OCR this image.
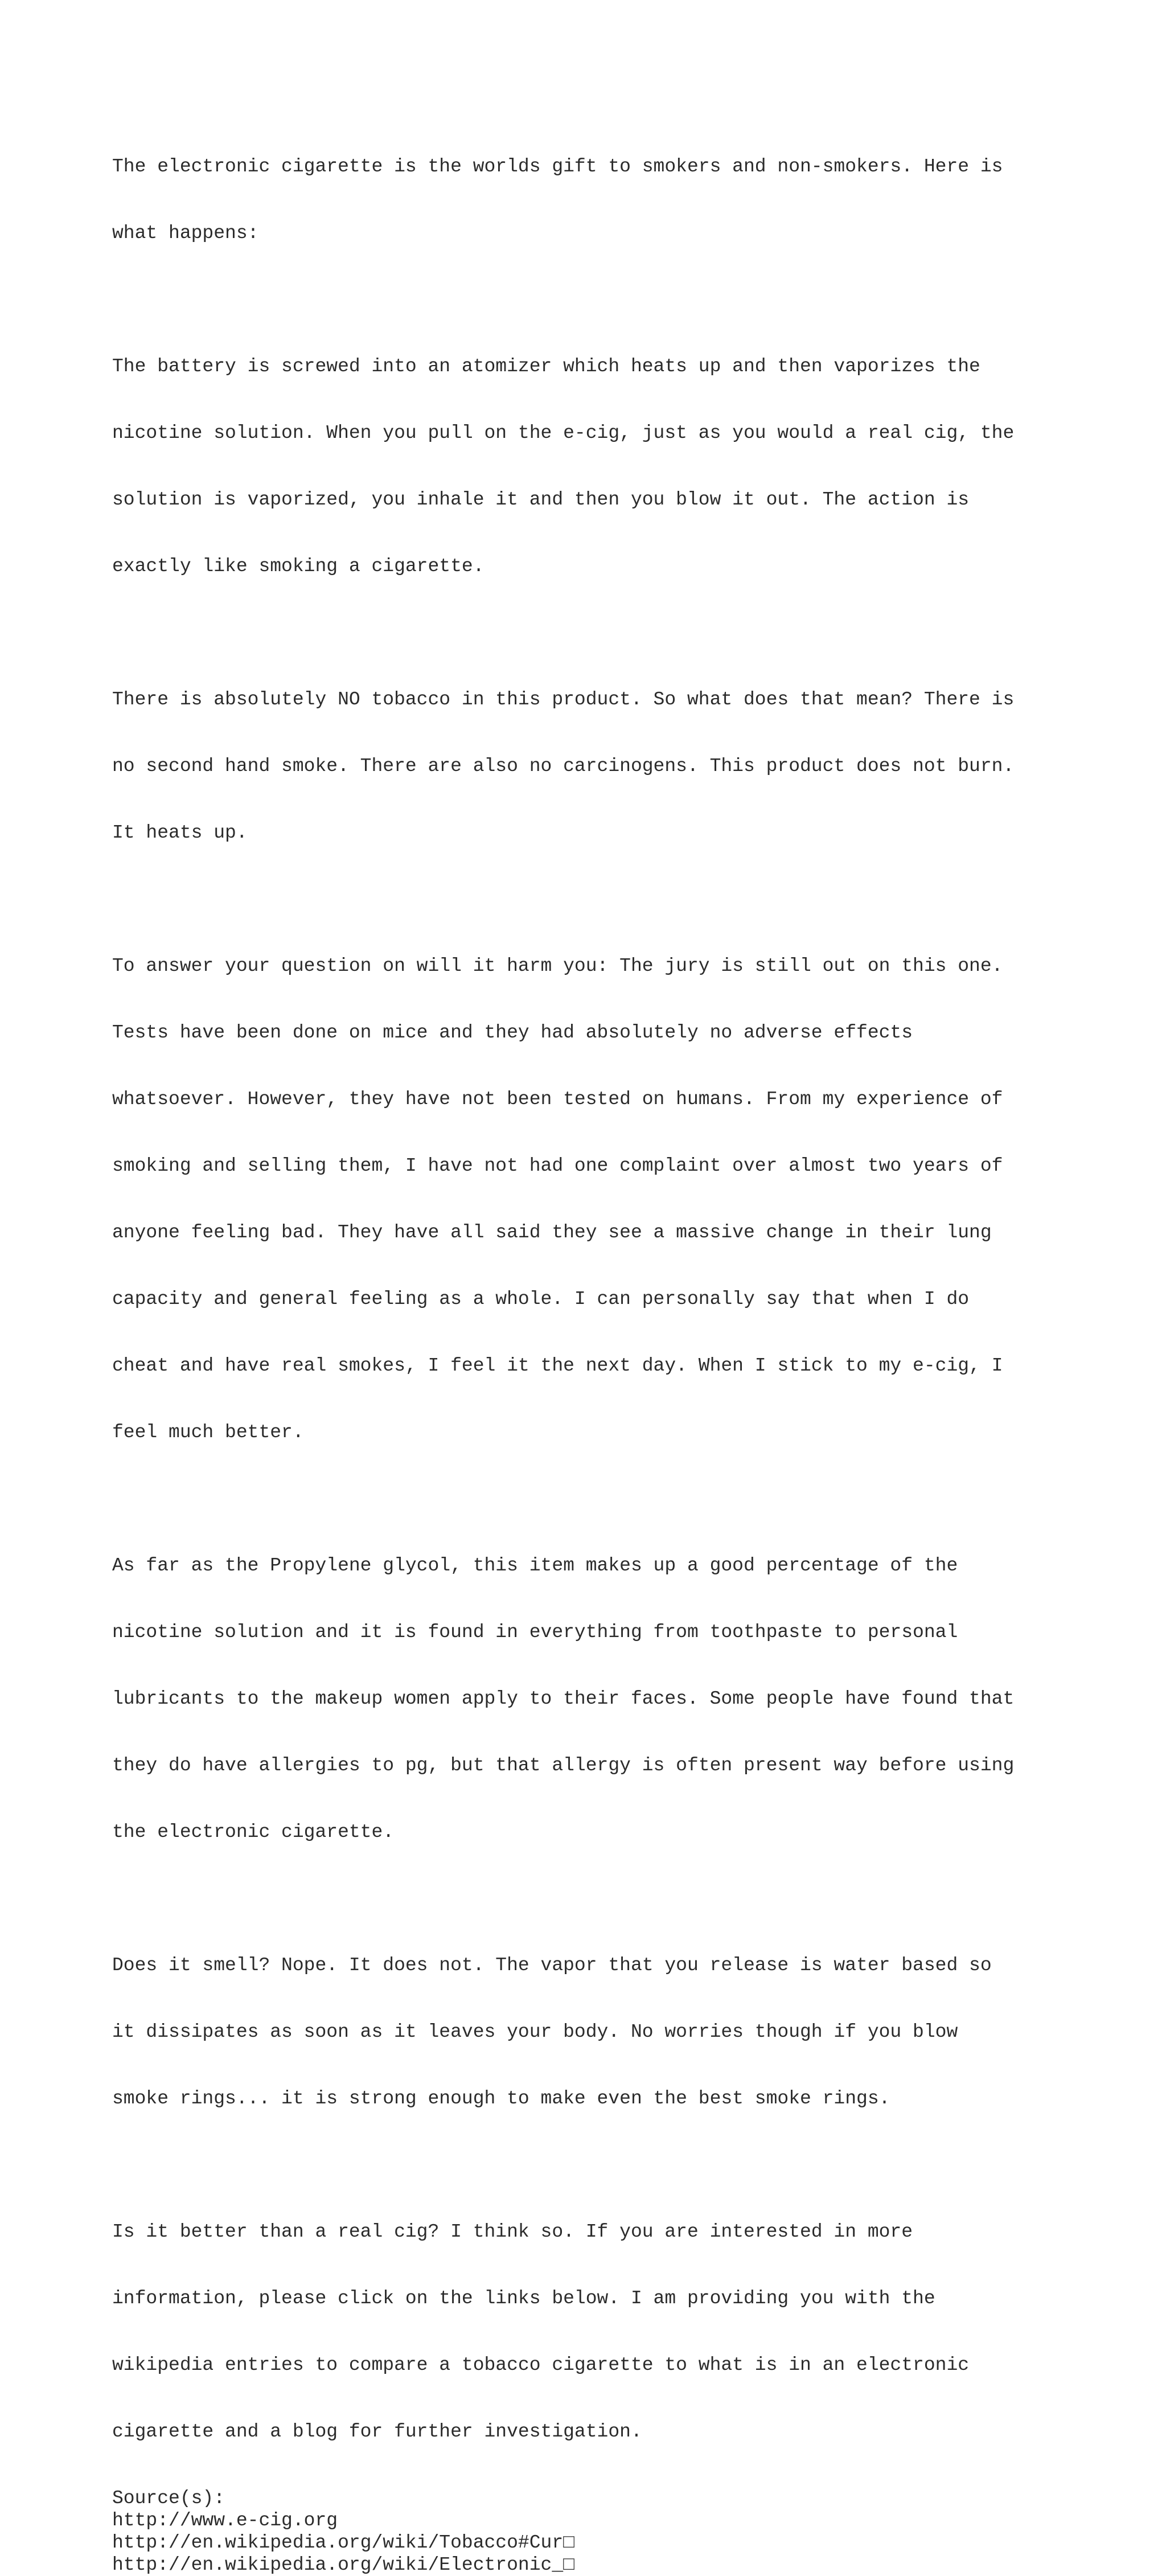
The electronic cigarette is the worlds gift to smokers and non-smokers. Here is

what happens:

The battery is screwed into an atomizer which heats up and then vaporizes the

nicotine solution. When you pull on the e-cig, just as you would a real cig, the

solution is vaporized, you inhale it and then you blow it out. The action is

exactly like smoking a cigarette.

There is absolutely NO tobacco in this product. So what does that mean? There is

no second hand smoke. There are also no carcinogens. This product does not burn.

It heats up.

To answer your question on will it harm you: The jury is still out on this one.

Tests have been done on mice and they had absolutely no adverse effects

whatsoever. However, they have not been tested on humans. From my experience of

smoking and selling them, I have not had one complaint over almost two years of

anyone feeling bad. They have all said they see a massive change in their lung

capacity and general feeling as a whole. I can personally say that when I do

cheat and have real smokes, I feel it the next day. When I stick to my e-cig, I

feel much better.

As far as the Propylene glycol, this item makes up a good percentage of the

nicotine solution and it is found in everything from toothpaste to personal

lubricants to the makeup women apply to their faces. Some people have found that

they do have allergies to pg, but that allergy is often present way before using

the electronic cigarette.

Does it smell? Nope. It does not. The vapor that you release is water based so

it dissipates as soon as it leaves your body. No worries though if you blow

smoke rings... it is strong enough to make even the best smoke rings.

Is it better than a real cig? I think so. If you are interested in more

information, please click on the links below. I am providing you with the

wikipedia entries to compare a tobacco cigarette to what is in an electronic

cigarette and a blog for further investigation.

Source(s):
http://www.e-cig.org
http://en.wikipedia.org/wiki/Tobacco#Cur□
http://en.wikipedia.org/wiki/Electronic_□
